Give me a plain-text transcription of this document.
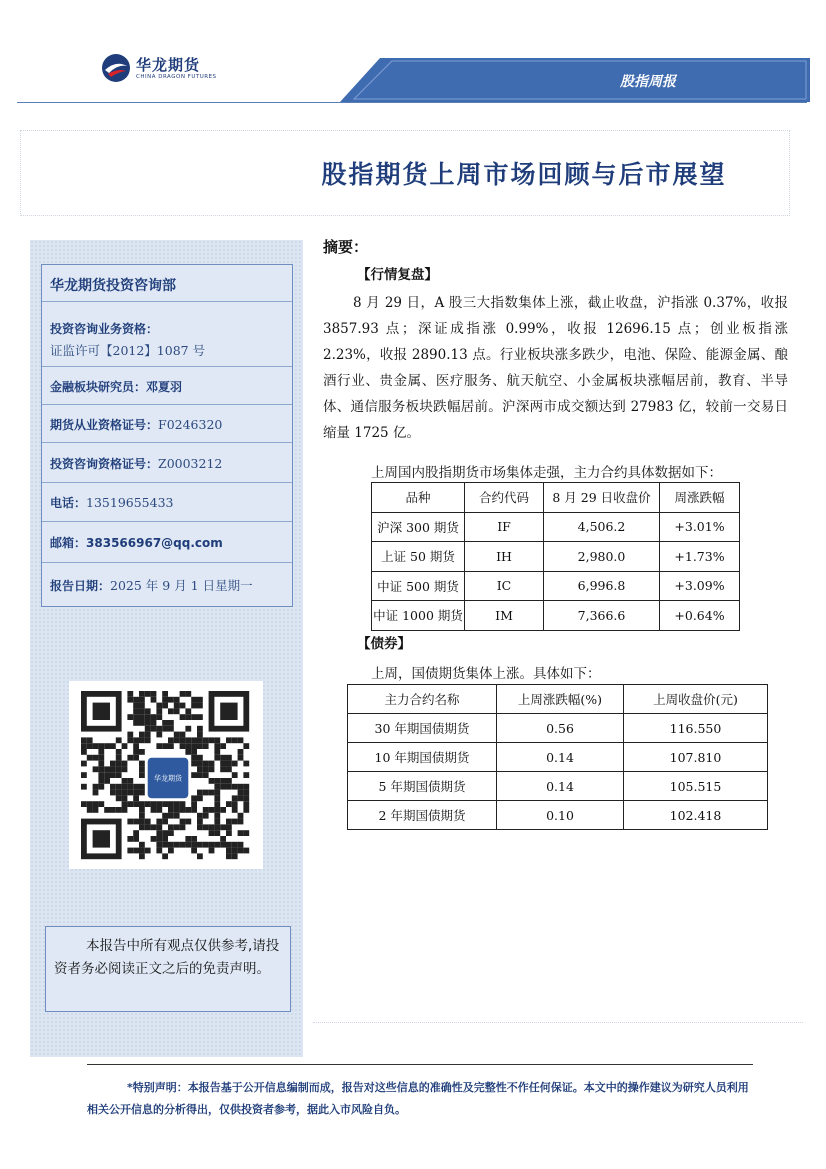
华龙期货
CHINA DRAGON FUTURES	股指周报
股指期货上周市场回顾与后市展望
华龙期货投资咨询部
投资咨询业务资格：
证监许可【2012】1087 号
金融板块研究员：邓夏羽
期货从业资格证号：F0246320
投资咨询资格证号：Z0003212
电话：13519655433
邮箱：383566967@qq.com
报告日期：2025 年 9 月 1 日星期一
华龙期货
本报告中所有观点仅供参考,请投资者务必阅读正文之后的免责声明。
摘要：
【行情复盘】
8 月 29 日，A 股三大指数集体上涨，截止收盘，沪指涨 0.37%，收报 3857.93 点；深证成指涨 0.99%，收报 12696.15 点；创业板指涨 2.23%，收报 2890.13 点。行业板块涨多跌少，电池、保险、能源金属、酿酒行业、贵金属、医疗服务、航天航空、小金属板块涨幅居前，教育、半导体、通信服务板块跌幅居前。沪深两市成交额达到 27983 亿，较前一交易日缩量 1725 亿。
上周国内股指期货市场集体走强，主力合约具体数据如下：
品种	合约代码	8 月 29 日收盘价	周涨跌幅
沪深 300 期货	IF	4,506.2	+3.01%
上证 50 期货	IH	2,980.0	+1.73%
中证 500 期货	IC	6,996.8	+3.09%
中证 1000 期货	IM	7,366.6	+0.64%
【债券】
上周，国债期货集体上涨。具体如下：
主力合约名称	上周涨跌幅(%)	上周收盘价(元)
30 年期国债期货	0.56	116.550
10 年期国债期货	0.14	107.810
5 年期国债期货	0.14	105.515
2 年期国债期货	0.10	102.418
*特别声明：本报告基于公开信息编制而成，报告对这些信息的准确性及完整性不作任何保证。本文中的操作建议为研究人员利用相关公开信息的分析得出，仅供投资者参考，据此入市风险自负。
